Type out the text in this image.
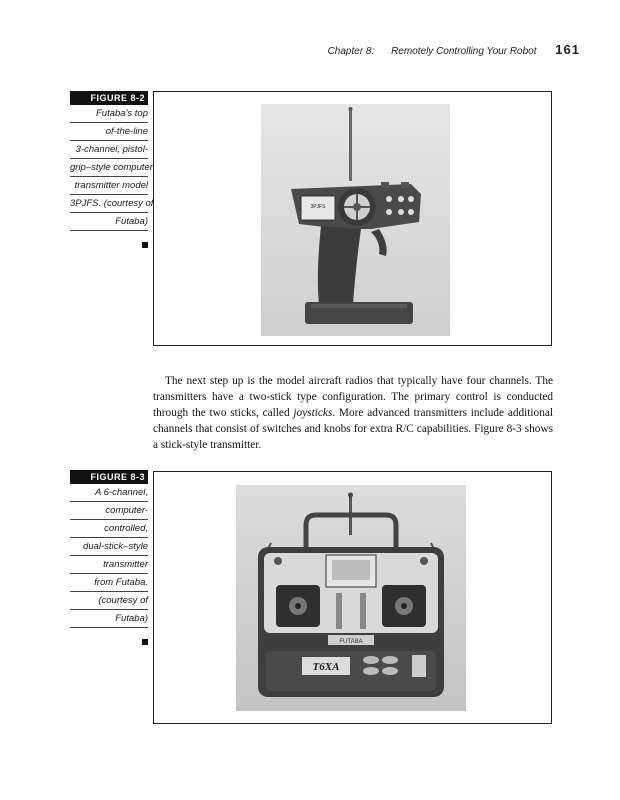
Chapter 8: Remotely Controlling Your Robot 161
FIGURE 8-2
Futaba's top
of-the-line
3-channel, pistol-
grip–style computer
transmitter model
3PJFS. (courtesy of
Futaba)
3PJFS

The next step up is the model aircraft radios that typically have four channels. The transmitters have a two-stick type configuration. The primary control is conducted through the two sticks, called joysticks. More advanced transmitters include additional channels that consist of switches and knobs for extra R/C capabilities. Figure 8-3 shows a stick-style transmitter.

FIGURE 8-3
A 6-channel,
computer-
controlled,
dual-stick–style
transmitter
from Futaba.
(courtesy of
Futaba)
FUTABA
T6XA
